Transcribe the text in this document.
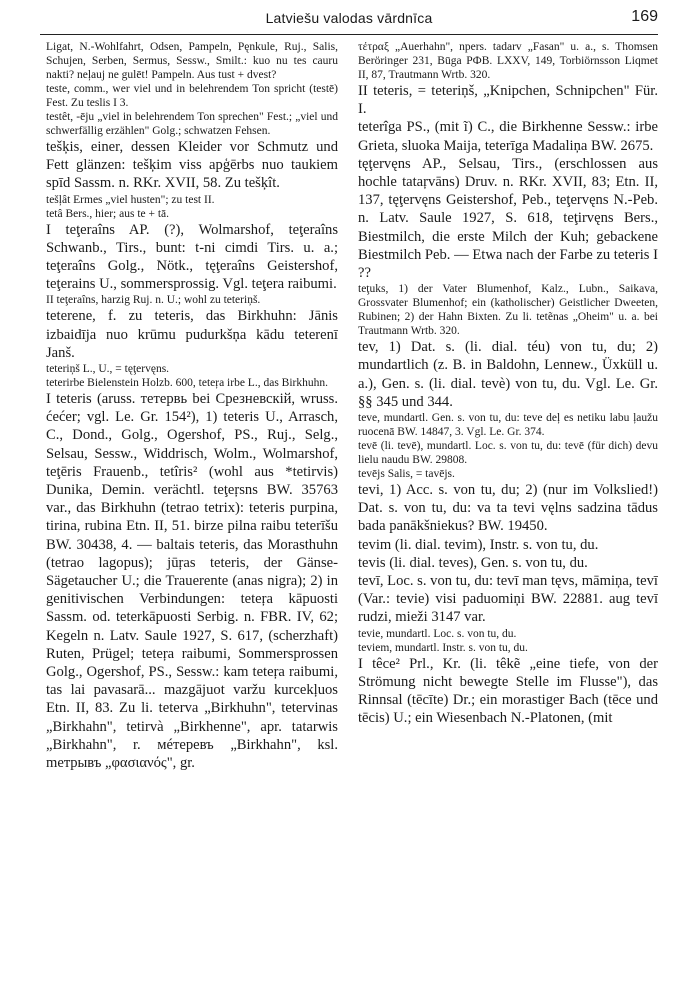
Latviešu valodas vārdnīca	169

Ligat, N.-Wohlfahrt, Odsen, Pampeln, Pęnkule, Ruj., Salis, Schujen, Serben, Sermus, Sessw., Smilt.: kuo nu tes cauru nakti? neļauj ne gulēt! Pampeln. Aus tust + dvest?

teste, comm., wer viel und in belehrendem Ton spricht (testē) Fest. Zu teslis I 3.

testêt, -ēju „viel in belehrendem Ton sprechen" Fest.; „viel und schwerfällig erzählen" Golg.; schwatzen Fehsen.

tešķis, einer, dessen Kleider vor Schmutz und Fett glänzen: tešķim viss apģērbs nuo taukiem spīd Sassm. n. RKr. XVII, 58. Zu tešķît.

tešļât Ermes „viel husten"; zu test II.

tetâ Bers., hier; aus te + tā.

I teţeraîns AP. (?), Wolmarshof, teţeraîns Schwanb., Tirs., bunt: t-ni cimdi Tirs. u. a.; teţeraîns Golg., Nötk., tęţeraîns Geistershof, teţerains U., sommersprossig. Vgl. teţera raibumi.

II teţeraîns, harzig Ruj. n. U.; wohl zu teteriņš.

teterene, f. zu teteris, das Birkhuhn: Jānis izbaidīja nuo krūmu pudurkšņa kādu teterenī Janš.

teteriņš L., U., = tęţervęns.

teterirbe Bielenstein Holzb. 600, teteŗa irbe L., das Birkhuhn.

I teteris (aruss. тетервь bei Срезневскій, wruss. ćećer; vgl. Le. Gr. 154²), 1) teteris U., Arrasch, C., Dond., Golg., Ogershof, PS., Ruj., Selg., Selsau, Sessw., Widdrisch, Wolm., Wolmarshof, teţēris Frauenb., tetîris² (wohl aus *tetirvis) Dunika, Demin. verächtl. teţeŗsns BW. 35763 var., das Birkhuhn (tetrao tetrix): teteris purpina, tirina, rubina Etn. II, 51. birze pilna raibu teterīšu BW. 30438, 4. — baltais teteris, das Morasthuhn (tetrao lagopus); jūŗas teteris, der Gänse-Sägetaucher U.; die Trauerente (anas nigra); 2) in genitivischen Verbindungen: teteŗa kāpuosti Sassm. od. teterkāpuosti Serbig. n. FBR. IV, 62; Kegeln n. Latv. Saule 1927, S. 617, (scherzhaft) Ruten, Prügel; teteŗa raibumi, Sommersprossen Golg., Ogershof, PS., Sessw.: kam teteŗa raibumi, tas lai pavasarā... mazgājuot varžu kurcekļuos Etn. II, 83. Zu li. teterva „Birkhuhn", tetervinas „Birkhahn", tetirvà „Birkhenne", apr. tatarwis „Birkhahn", r. мéтеревъ „Birkhahn", ksl. meтpывъ „φασιανός", gr.

τέτραξ „Auerhahn", npers. tadarv „Fasan" u. a., s. Thomsen Beröringer 231, Būga PФB. LXXV, 149, Torbiörnsson Liqmet II, 87, Trautmann Wrtb. 320.

II teteris, = teteriņš, „Knipchen, Schnipchen" Für. I.

teterîga PS., (mit ĩ) C., die Birkhenne Sessw.: irbe Grieta, sluoka Maija, teterīga Madaliņa BW. 2675.

tęţervęns AP., Selsau, Tirs., (erschlossen aus hochle tataŗvāns) Druv. n. RKr. XVII, 83; Etn. II, 137, tęţervęns Geistershof, Peb., teţervęns N.-Peb. n. Latv. Saule 1927, S. 618, teţirvęns Bers., Biestmilch, die erste Milch der Kuh; gebackene Biestmilch Peb. — Etwa nach der Farbe zu teteris I ??

teţuks, 1) der Vater Blumenhof, Kalz., Lubn., Saikava, Grossvater Blumenhof; ein (katholischer) Geistlicher Dweeten, Rubinen; 2) der Hahn Bixten. Zu li. tetẽnas „Oheim" u. a. bei Trautmann Wrtb. 320.

tev, 1) Dat. s. (li. dial. téu) von tu, du; 2) mundartlich (z. B. in Baldohn, Lennew., Üxküll u. a.), Gen. s. (li. dial. tevè) von tu, du. Vgl. Le. Gr. §§ 345 und 344.

teve, mundartl. Gen. s. von tu, du: teve deļ es netiku labu ļaužu ruocenā BW. 14847, 3. Vgl. Le. Gr. 374.

tevē (li. tevē), mundartl. Loc. s. von tu, du: tevē (für dich) devu lielu naudu BW. 29808.

tevējs Salis, = tavējs.

tevi, 1) Acc. s. von tu, du; 2) (nur im Volkslied!) Dat. s. von tu, du: va ta tevi vęlns sadzina tādus bada panākšniekus? BW. 19450.

tevim (li. dial. tevim), Instr. s. von tu, du.

tevis (li. dial. teves), Gen. s. von tu, du.

tevī, Loc. s. von tu, du: tevī man tęvs, māmiņa, tevī (Var.: tevie) visi paduomiņi BW. 22881. aug tevī rudzi, mieži 3147 var.

tevie, mundartl. Loc. s. von tu, du.

teviem, mundartl. Instr. s. von tu, du.

I têce² Prl., Kr. (li. têkẽ „eine tiefe, von der Strömung nicht bewegte Stelle im Flusse"), das Rinnsal (tēcīte) Dr.; ein morastiger Bach (tēce und tēcis) U.; ein Wiesenbach N.-Platonen, (mit
